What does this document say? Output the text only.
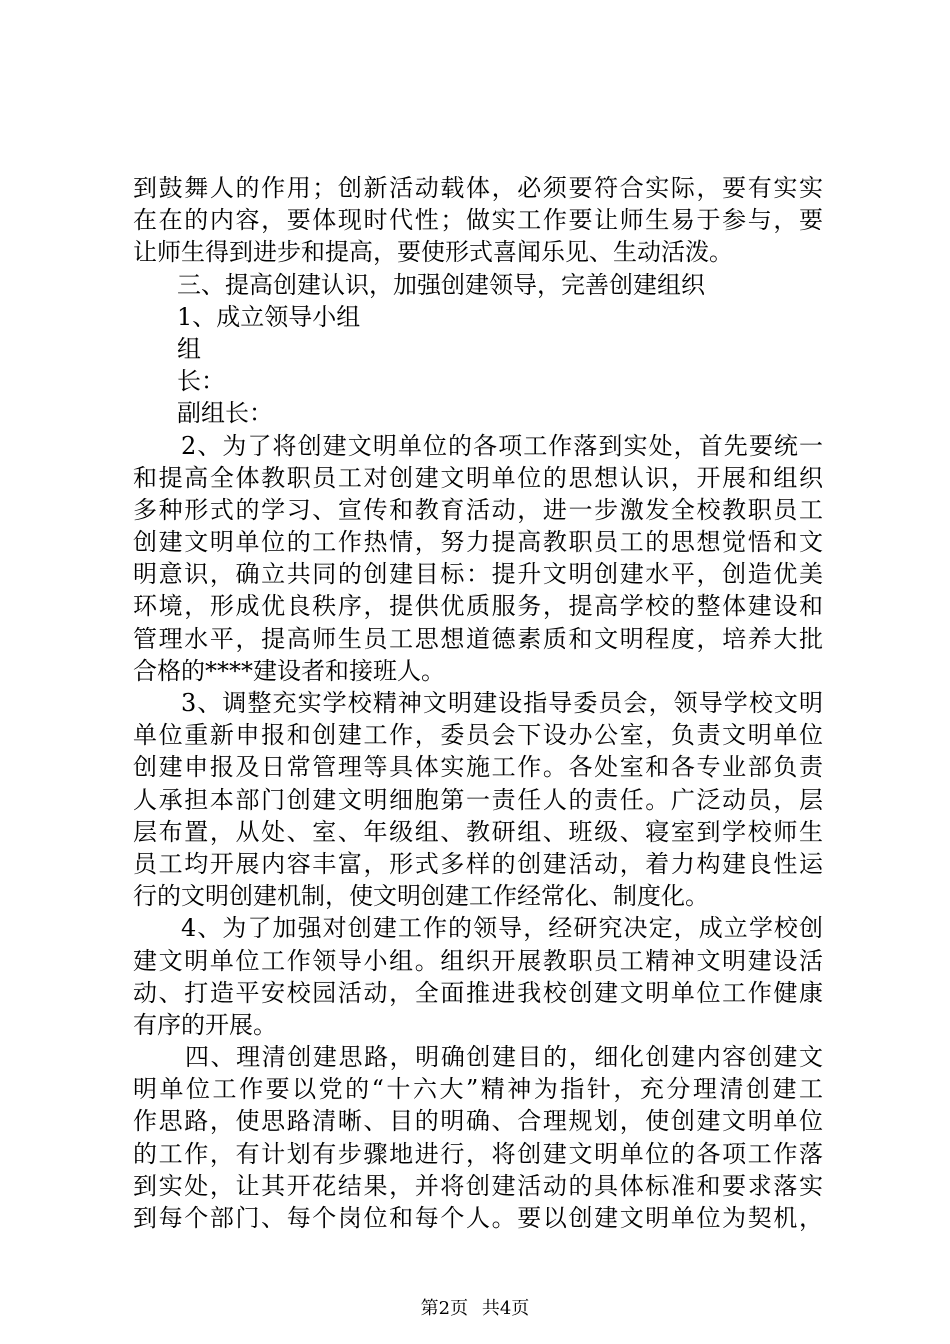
到鼓舞人的作用；创新活动载体，必须要符合实际，要有实实
在在的内容，要体现时代性；做实工作要让师生易于参与，要
让师生得到进步和提高，要使形式喜闻乐见、生动活泼。
三、提高创建认识，加强创建领导，完善创建组织
1、成立领导小组
组
长：
副组长：
2、为了将创建文明单位的各项工作落到实处，首先要统一
和提高全体教职员工对创建文明单位的思想认识，开展和组织
多种形式的学习、宣传和教育活动，进一步激发全校教职员工
创建文明单位的工作热情，努力提高教职员工的思想觉悟和文
明意识，确立共同的创建目标：提升文明创建水平，创造优美
环境，形成优良秩序，提供优质服务，提高学校的整体建设和
管理水平，提高师生员工思想道德素质和文明程度，培养大批
合格的****建设者和接班人。
3、调整充实学校精神文明建设指导委员会，领导学校文明
单位重新申报和创建工作，委员会下设办公室，负责文明单位
创建申报及日常管理等具体实施工作。各处室和各专业部负责
人承担本部门创建文明细胞第一责任人的责任。广泛动员，层
层布置，从处、室、年级组、教研组、班级、寝室到学校师生
员工均开展内容丰富，形式多样的创建活动，着力构建良性运
行的文明创建机制，使文明创建工作经常化、制度化。
4、为了加强对创建工作的领导，经研究决定，成立学校创
建文明单位工作领导小组。组织开展教职员工精神文明建设活
动、打造平安校园活动，全面推进我校创建文明单位工作健康
有序的开展。
四、理清创建思路，明确创建目的，细化创建内容创建文
明单位工作要以党的“十六大”精神为指针，充分理清创建工
作思路，使思路清晰、目的明确、合理规划，使创建文明单位
的工作，有计划有步骤地进行，将创建文明单位的各项工作落
到实处，让其开花结果，并将创建活动的具体标准和要求落实
到每个部门、每个岗位和每个人。要以创建文明单位为契机，
第2页 共4页
